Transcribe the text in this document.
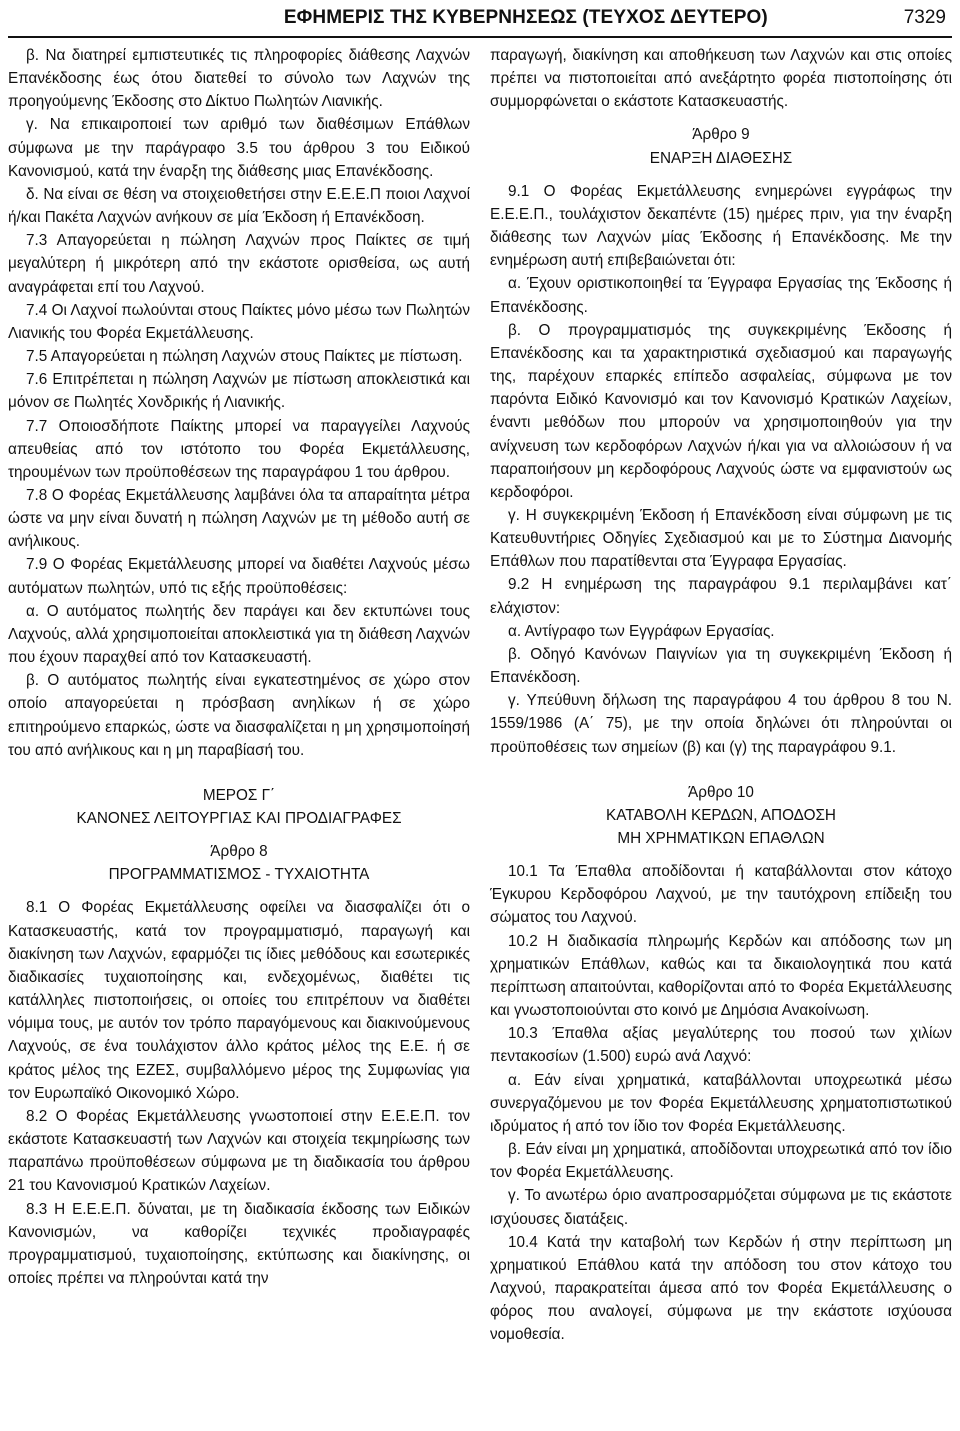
ΕΦΗΜΕΡΙΣ ΤΗΣ ΚΥΒΕΡΝΗΣΕΩΣ (ΤΕΥΧΟΣ ΔΕΥΤΕΡΟ)	7329

β. Να διατηρεί εμπιστευτικές τις πληροφορίες διάθεσης Λαχνών Επανέκδοσης έως ότου διατεθεί το σύνολο των Λαχνών της προηγούμενης Έκδοσης στο Δίκτυο Πωλητών Λιανικής.

γ. Να επικαιροποιεί των αριθμό των διαθέσιμων Επάθλων σύμφωνα με την παράγραφο 3.5 του άρθρου 3 του Ειδικού Κανονισμού, κατά την έναρξη της διάθεσης μιας Επανέκδοσης.

δ. Να είναι σε θέση να στοιχειοθετήσει στην Ε.Ε.Ε.Π ποιοι Λαχνοί ή/και Πακέτα Λαχνών ανήκουν σε μία Έκδοση ή Επανέκδοση.

7.3 Απαγορεύεται η πώληση Λαχνών προς Παίκτες σε τιμή μεγαλύτερη ή μικρότερη από την εκάστοτε ορισθείσα, ως αυτή αναγράφεται επί του Λαχνού.

7.4 Οι Λαχνοί πωλούνται στους Παίκτες μόνο μέσω των Πωλητών Λιανικής του Φορέα Εκμετάλλευσης.

7.5 Απαγορεύεται η πώληση Λαχνών στους Παίκτες με πίστωση.

7.6 Επιτρέπεται η πώληση Λαχνών με πίστωση αποκλειστικά και μόνον σε Πωλητές Χονδρικής ή Λιανικής.

7.7 Οποιοσδήποτε Παίκτης μπορεί να παραγγείλει Λαχνούς απευθείας από τον ιστότοπο του Φορέα Εκμετάλλευσης, τηρουμένων των προϋποθέσεων της παραγράφου 1 του άρθρου.

7.8 Ο Φορέας Εκμετάλλευσης λαμβάνει όλα τα απαραίτητα μέτρα ώστε να μην είναι δυνατή η πώληση Λαχνών με τη μέθοδο αυτή σε ανήλικους.

7.9 Ο Φορέας Εκμετάλλευσης μπορεί να διαθέτει Λαχνούς μέσω αυτόματων πωλητών, υπό τις εξής προϋποθέσεις:

α. Ο αυτόματος πωλητής δεν παράγει και δεν εκτυπώνει τους Λαχνούς, αλλά χρησιμοποιείται αποκλειστικά για τη διάθεση Λαχνών που έχουν παραχθεί από τον Κατασκευαστή.

β. Ο αυτόματος πωλητής είναι εγκατεστημένος σε χώρο στον οποίο απαγορεύεται η πρόσβαση ανηλίκων ή σε χώρο επιτηρούμενο επαρκώς, ώστε να διασφαλίζεται η μη χρησιμοποίησή του από ανήλικους και η μη παραβίασή του.

ΜΕΡΟΣ Γ΄

ΚΑΝΟΝΕΣ ΛΕΙΤΟΥΡΓΙΑΣ ΚΑΙ ΠΡΟΔΙΑΓΡΑΦΕΣ

Άρθρο 8

ΠΡΟΓΡΑΜΜΑΤΙΣΜΟΣ - ΤΥΧΑΙΟΤΗΤΑ

8.1 Ο Φορέας Εκμετάλλευσης οφείλει να διασφαλίζει ότι ο Κατασκευαστής, κατά τον προγραμματισμό, παραγωγή και διακίνηση των Λαχνών, εφαρμόζει τις ίδιες μεθόδους και εσωτερικές διαδικασίες τυχαιοποίησης και, ενδεχομένως, διαθέτει τις κατάλληλες πιστοποιήσεις, οι οποίες του επιτρέπουν να διαθέτει νόμιμα τους, με αυτόν τον τρόπο παραγόμενους και διακινούμενους Λαχνούς, σε ένα τουλάχιστον άλλο κράτος μέλος της Ε.Ε. ή σε κράτος μέλος της ΕΖΕΣ, συμβαλλόμενο μέρος της Συμφωνίας για τον Ευρωπαϊκό Οικονομικό Χώρο.

8.2 Ο Φορέας Εκμετάλλευσης γνωστοποιεί στην Ε.Ε.Ε.Π. τον εκάστοτε Κατασκευαστή των Λαχνών και στοιχεία τεκμηρίωσης των παραπάνω προϋποθέσεων σύμφωνα με τη διαδικασία του άρθρου 21 του Κανονισμού Κρατικών Λαχείων.

8.3 Η Ε.Ε.Ε.Π. δύναται, με τη διαδικασία έκδοσης των Ειδικών Κανονισμών, να καθορίζει τεχνικές προδιαγραφές προγραμματισμού, τυχαιοποίησης, εκτύπωσης και διακίνησης, οι οποίες πρέπει να πληρούνται κατά την

παραγωγή, διακίνηση και αποθήκευση των Λαχνών και στις οποίες πρέπει να πιστοποιείται από ανεξάρτητο φορέα πιστοποίησης ότι συμμορφώνεται ο εκάστοτε Κατασκευαστής.

Άρθρο 9

ΕΝΑΡΞΗ ΔΙΑΘΕΣΗΣ

9.1 Ο Φορέας Εκμετάλλευσης ενημερώνει εγγράφως την Ε.Ε.Ε.Π., τουλάχιστον δεκαπέντε (15) ημέρες πριν, για την έναρξη διάθεσης των Λαχνών μίας Έκδοσης ή Επανέκδοσης. Με την ενημέρωση αυτή επιβεβαιώνεται ότι:

α. Έχουν οριστικοποιηθεί τα Έγγραφα Εργασίας της Έκδοσης ή Επανέκδοσης.

β. Ο προγραμματισμός της συγκεκριμένης Έκδοσης ή Επανέκδοσης και τα χαρακτηριστικά σχεδιασμού και παραγωγής της, παρέχουν επαρκές επίπεδο ασφαλείας, σύμφωνα με τον παρόντα Ειδικό Κανονισμό και τον Κανονισμό Κρατικών Λαχείων, έναντι μεθόδων που μπορούν να χρησιμοποιηθούν για την ανίχνευση των κερδοφόρων Λαχνών ή/και για να αλλοιώσουν ή να παραποιήσουν μη κερδοφόρους Λαχνούς ώστε να εμφανιστούν ως κερδοφόροι.

γ. Η συγκεκριμένη Έκδοση ή Επανέκδοση είναι σύμφωνη με τις Κατευθυντήριες Οδηγίες Σχεδιασμού και με το Σύστημα Διανομής Επάθλων που παρατίθενται στα Έγγραφα Εργασίας.

9.2 Η ενημέρωση της παραγράφου 9.1 περιλαμβάνει κατ΄ ελάχιστον:

α. Αντίγραφο των Εγγράφων Εργασίας.

β. Οδηγό Κανόνων Παιγνίων για τη συγκεκριμένη Έκδοση ή Επανέκδοση.

γ. Υπεύθυνη δήλωση της παραγράφου 4 του άρθρου 8 του Ν. 1559/1986 (Α΄ 75), με την οποία δηλώνει ότι πληρούνται οι προϋποθέσεις των σημείων (β) και (γ) της παραγράφου 9.1.

Άρθρο 10

ΚΑΤΑΒΟΛΗ ΚΕΡΔΩΝ, ΑΠΟΔΟΣΗ

ΜΗ ΧΡΗΜΑΤΙΚΩΝ ΕΠΑΘΛΩΝ

10.1 Τα Έπαθλα αποδίδονται ή καταβάλλονται στον κάτοχο Έγκυρου Κερδοφόρου Λαχνού, με την ταυτόχρονη επίδειξη του σώματος του Λαχνού.

10.2 Η διαδικασία πληρωμής Κερδών και απόδοσης των μη χρηματικών Επάθλων, καθώς και τα δικαιολογητικά που κατά περίπτωση απαιτούνται, καθορίζονται από το Φορέα Εκμετάλλευσης και γνωστοποιούνται στο κοινό με Δημόσια Ανακοίνωση.

10.3 Έπαθλα αξίας μεγαλύτερης του ποσού των χιλίων πεντακοσίων (1.500) ευρώ ανά Λαχνό:

α. Εάν είναι χρηματικά, καταβάλλονται υποχρεωτικά μέσω συνεργαζόμενου με τον Φορέα Εκμετάλλευσης χρηματοπιστωτικού ιδρύματος ή από τον ίδιο τον Φορέα Εκμετάλλευσης.

β. Εάν είναι μη χρηματικά, αποδίδονται υποχρεωτικά από τον ίδιο τον Φορέα Εκμετάλλευσης.

γ. Το ανωτέρω όριο αναπροσαρμόζεται σύμφωνα με τις εκάστοτε ισχύουσες διατάξεις.

10.4 Κατά την καταβολή των Κερδών ή στην περίπτωση μη χρηματικού Επάθλου κατά την απόδοση του στον κάτοχο του Λαχνού, παρακρατείται άμεσα από τον Φορέα Εκμετάλλευσης ο φόρος που αναλογεί, σύμφωνα με την εκάστοτε ισχύουσα νομοθεσία.
